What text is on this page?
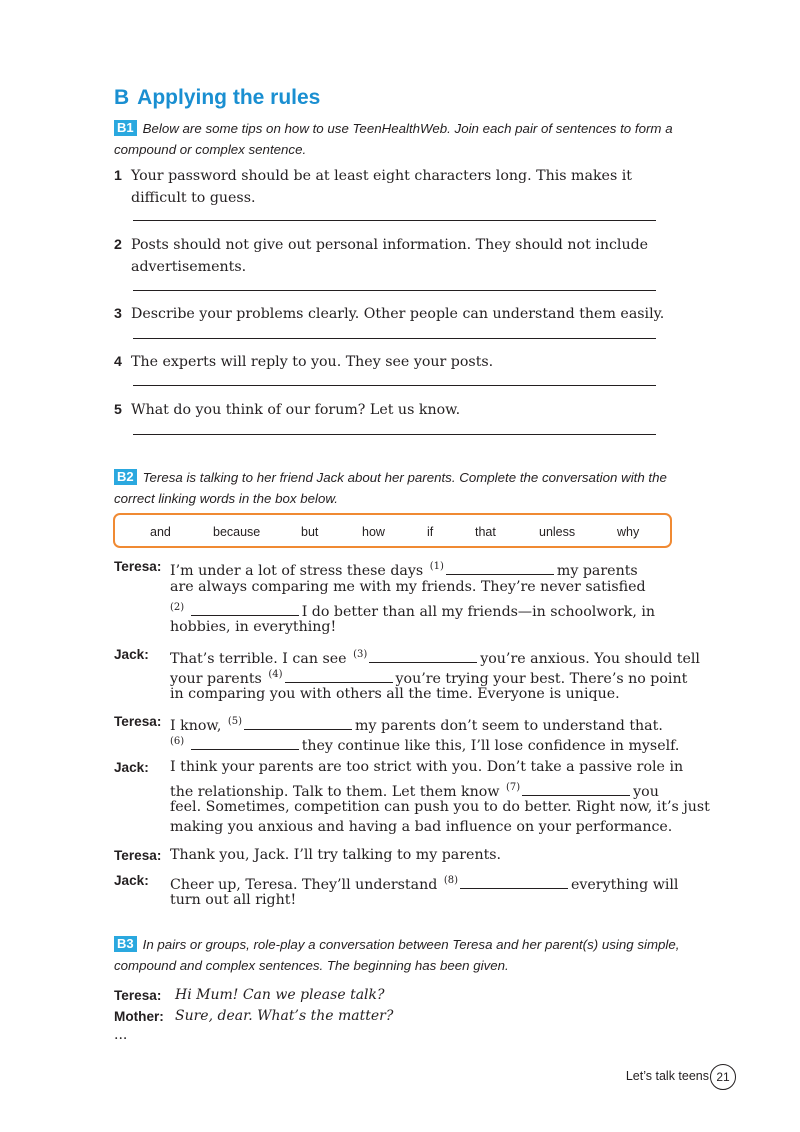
B Applying the rules
B1 Below are some tips on how to use TeenHealthWeb. Join each pair of sentences to form a compound or complex sentence.
1 Your password should be at least eight characters long. This makes it difficult to guess.
2 Posts should not give out personal information. They should not include advertisements.
3 Describe your problems clearly. Other people can understand them easily.
4 The experts will reply to you. They see your posts.
5 What do you think of our forum? Let us know.
B2 Teresa is talking to her friend Jack about her parents. Complete the conversation with the correct linking words in the box below.
and	because	but	how	if	that	unless	why
Teresa: I’m under a lot of stress these days $^{(1)}$	my parents
are always comparing me with my friends. They’re never satisfied
$^{(2)}$	I do better than all my friends—in schoolwork, in
hobbies, in everything!
Jack: That’s terrible. I can see $^{(3)}$	you’re anxious. You should tell
your parents $^{(4)}$	you’re trying your best. There’s no point
in comparing you with others all the time. Everyone is unique.
Teresa: I know, $^{(5)}$	my parents don’t seem to understand that.
$^{(6)}$	they continue like this, I’ll lose confidence in myself.
Jack: I think your parents are too strict with you. Don’t take a passive role in
the relationship. Talk to them. Let them know $^{(7)}$	you
feel. Sometimes, competition can push you to do better. Right now, it’s just
making you anxious and having a bad influence on your performance.
Teresa: Thank you, Jack. I’ll try talking to my parents.
Jack: Cheer up, Teresa. They’ll understand $^{(8)}$	everything will
turn out all right!
B3 In pairs or groups, role-play a conversation between Teresa and her parent(s) using simple, compound and complex sentences. The beginning has been given.
Teresa: Hi Mum! Can we please talk?
Mother: Sure, dear. What’s the matter?
...
Let’s talk teens 21
